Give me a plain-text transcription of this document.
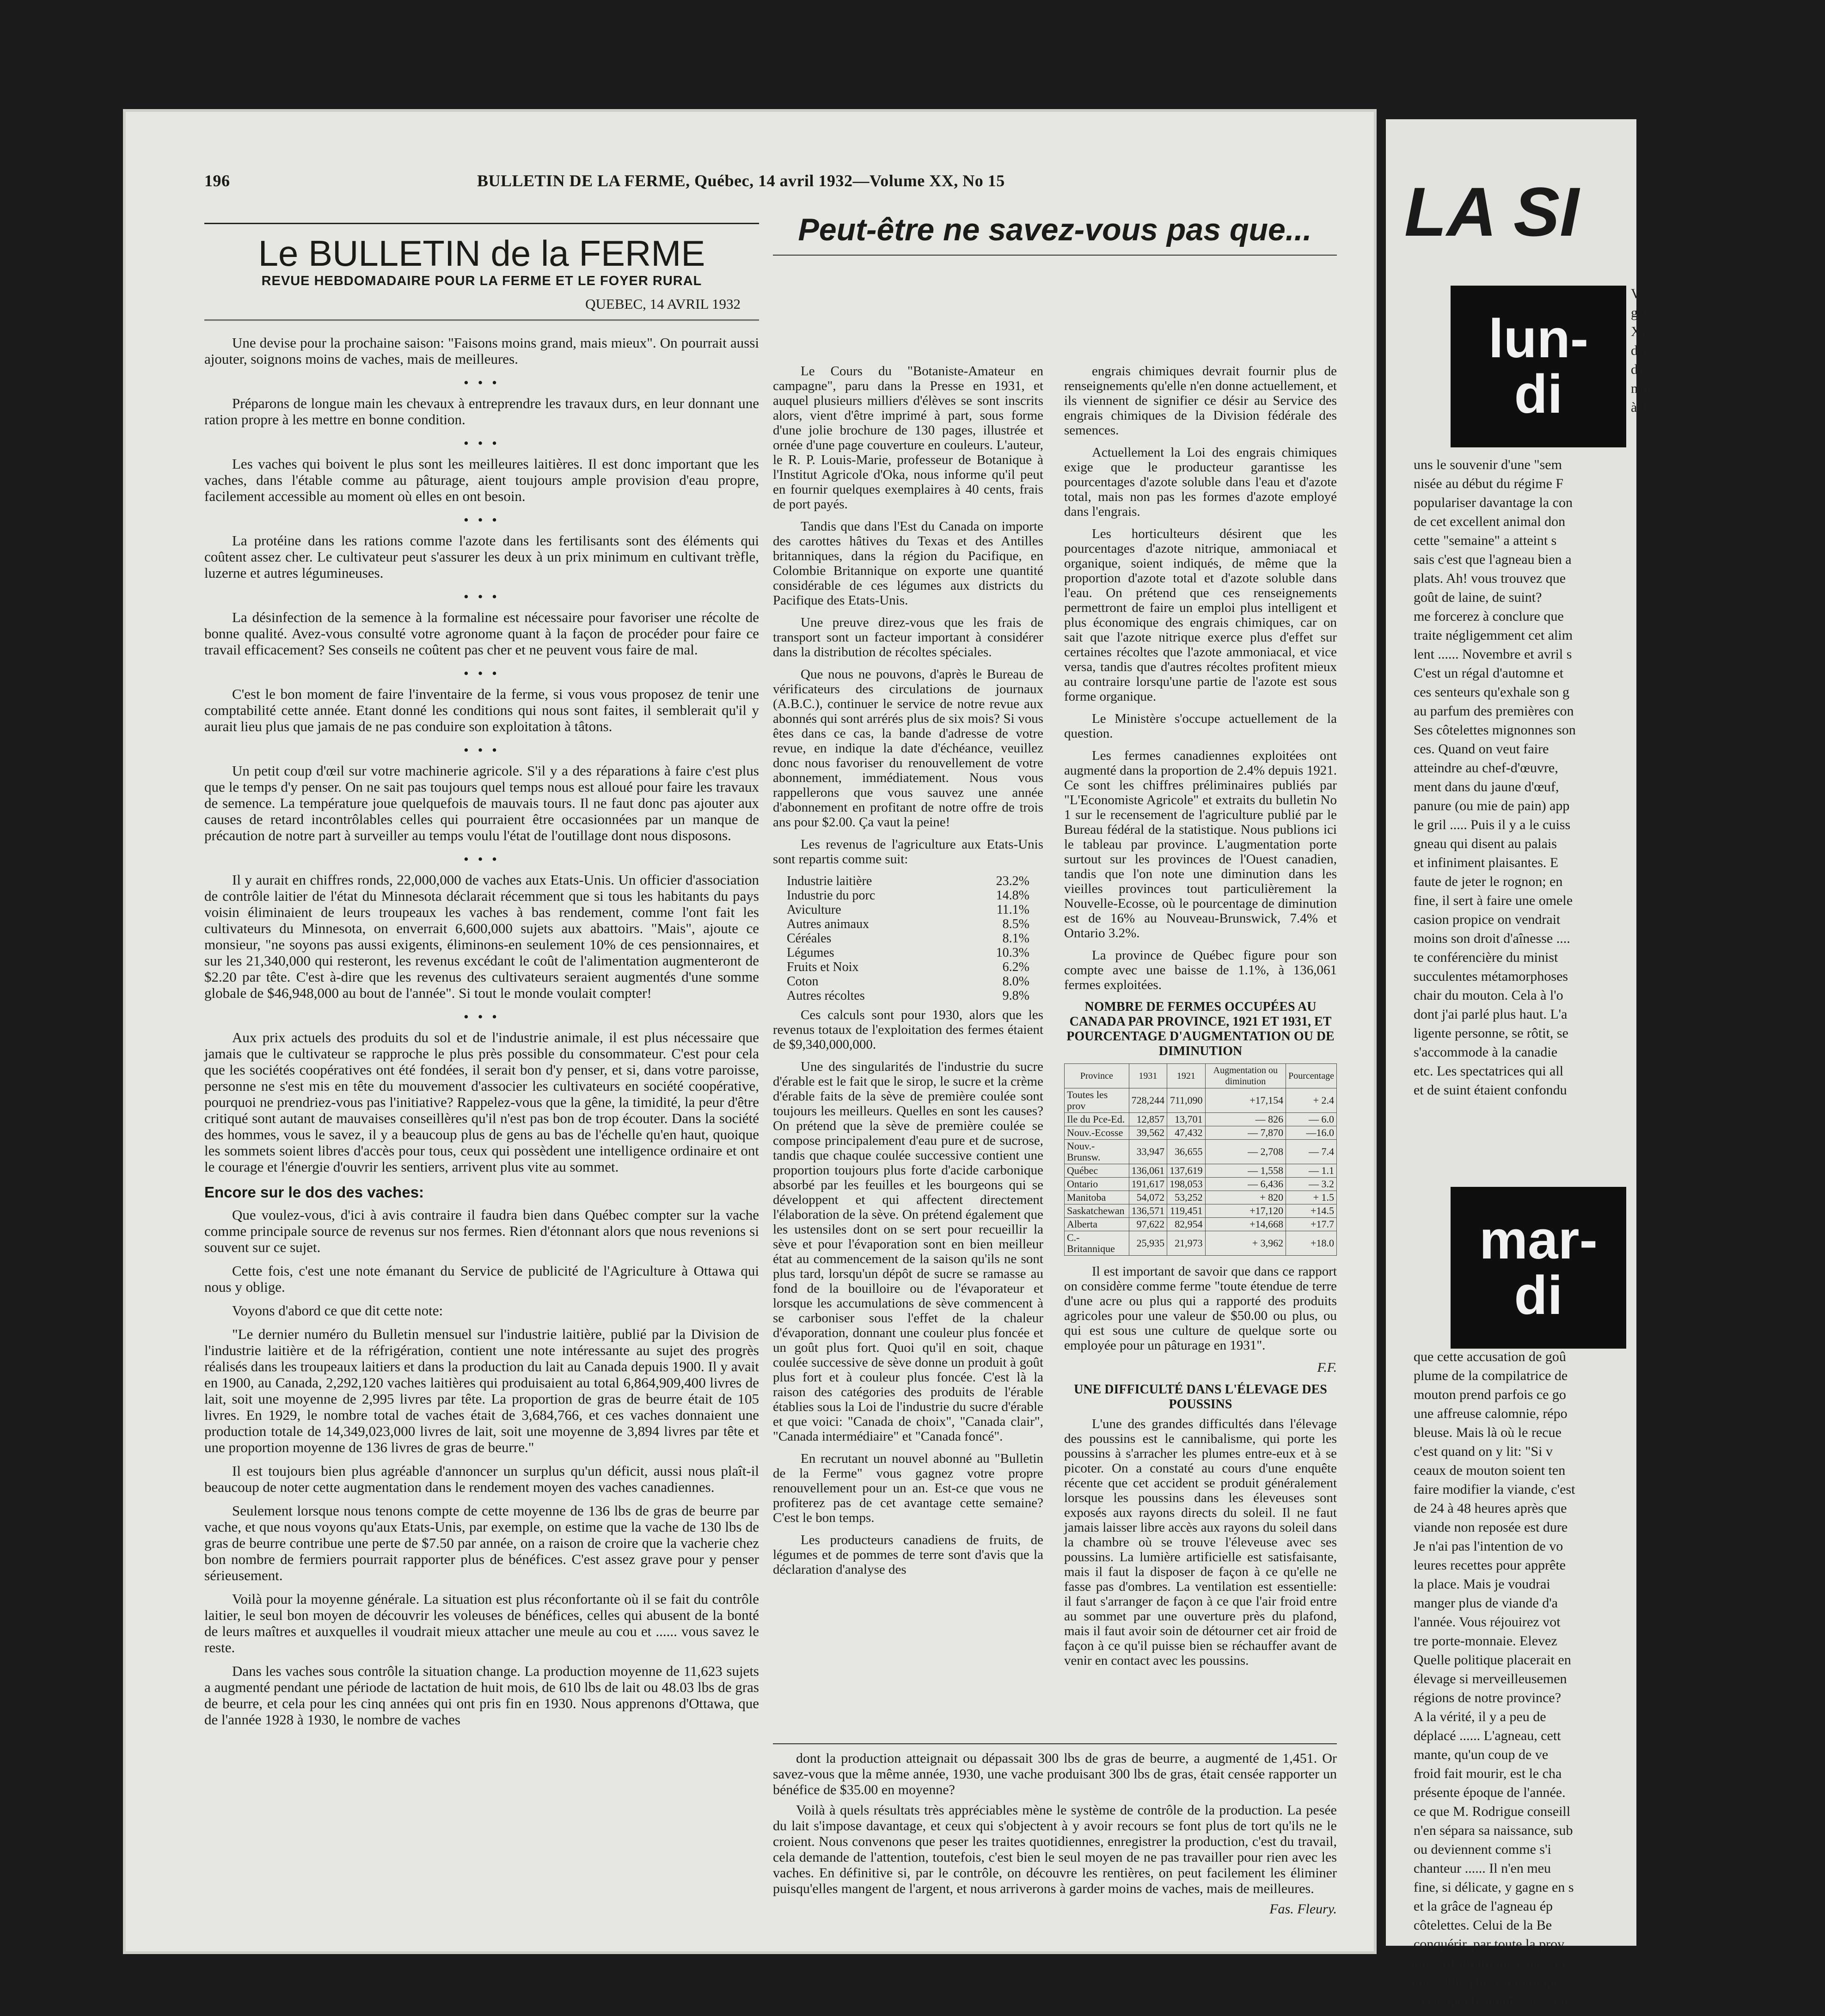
196	BULLETIN DE LA FERME, Québec, 14 avril 1932—Volume XX, No 15
Le BULLETIN de la FERME
REVUE HEBDOMADAIRE POUR LA FERME ET LE FOYER RURAL
QUEBEC, 14 AVRIL 1932

Une devise pour la prochaine saison: "Faisons moins grand, mais mieux". On pourrait aussi ajouter, soignons moins de vaches, mais de meilleures.

• • •

Préparons de longue main les chevaux à entreprendre les travaux durs, en leur donnant une ration propre à les mettre en bonne condition.

• • •

Les vaches qui boivent le plus sont les meilleures laitières. Il est donc important que les vaches, dans l'étable comme au pâturage, aient toujours ample provision d'eau propre, facilement accessible au moment où elles en ont besoin.

• • •

La protéine dans les rations comme l'azote dans les fertilisants sont des éléments qui coûtent assez cher. Le cultivateur peut s'assurer les deux à un prix minimum en cultivant trèfle, luzerne et autres légumineuses.

• • •

La désinfection de la semence à la formaline est nécessaire pour favoriser une récolte de bonne qualité. Avez-vous consulté votre agronome quant à la façon de procéder pour faire ce travail efficacement? Ses conseils ne coûtent pas cher et ne peuvent vous faire de mal.

• • •

C'est le bon moment de faire l'inventaire de la ferme, si vous vous proposez de tenir une comptabilité cette année. Etant donné les conditions qui nous sont faites, il semblerait qu'il y aurait lieu plus que jamais de ne pas conduire son exploitation à tâtons.

• • •

Un petit coup d'œil sur votre machinerie agricole. S'il y a des réparations à faire c'est plus que le temps d'y penser. On ne sait pas toujours quel temps nous est alloué pour faire les travaux de semence. La température joue quelquefois de mauvais tours. Il ne faut donc pas ajouter aux causes de retard incontrôlables celles qui pourraient être occasionnées par un manque de précaution de notre part à surveiller au temps voulu l'état de l'outillage dont nous disposons.

• • •

Il y aurait en chiffres ronds, 22,000,000 de vaches aux Etats-Unis. Un officier d'association de contrôle laitier de l'état du Minnesota déclarait récemment que si tous les habitants du pays voisin éliminaient de leurs troupeaux les vaches à bas rendement, comme l'ont fait les cultivateurs du Minnesota, on enverrait 6,600,000 sujets aux abattoirs. "Mais", ajoute ce monsieur, "ne soyons pas aussi exigents, éliminons-en seulement 10% de ces pensionnaires, et sur les 21,340,000 qui resteront, les revenus excédant le coût de l'alimentation augmenteront de $2.20 par tête. C'est à-dire que les revenus des cultivateurs seraient augmentés d'une somme globale de $46,948,000 au bout de l'année". Si tout le monde voulait compter!

• • •

Aux prix actuels des produits du sol et de l'industrie animale, il est plus nécessaire que jamais que le cultivateur se rapproche le plus près possible du consommateur. C'est pour cela que les sociétés coopératives ont été fondées, il serait bon d'y penser, et si, dans votre paroisse, personne ne s'est mis en tête du mouvement d'associer les cultivateurs en société coopérative, pourquoi ne prendriez-vous pas l'initiative? Rappelez-vous que la gêne, la timidité, la peur d'être critiqué sont autant de mauvaises conseillères qu'il n'est pas bon de trop écouter. Dans la société des hommes, vous le savez, il y a beaucoup plus de gens au bas de l'échelle qu'en haut, quoique les sommets soient libres d'accès pour tous, ceux qui possèdent une intelligence ordinaire et ont le courage et l'énergie d'ouvrir les sentiers, arrivent plus vite au sommet.

Encore sur le dos des vaches:

Que voulez-vous, d'ici à avis contraire il faudra bien dans Québec compter sur la vache comme principale source de revenus sur nos fermes. Rien d'étonnant alors que nous revenions si souvent sur ce sujet.

Cette fois, c'est une note émanant du Service de publicité de l'Agriculture à Ottawa qui nous y oblige.

Voyons d'abord ce que dit cette note:

"Le dernier numéro du Bulletin mensuel sur l'industrie laitière, publié par la Division de l'industrie laitière et de la réfrigération, contient une note intéressante au sujet des progrès réalisés dans les troupeaux laitiers et dans la production du lait au Canada depuis 1900. Il y avait en 1900, au Canada, 2,292,120 vaches laitières qui produisaient au total 6,864,909,400 livres de lait, soit une moyenne de 2,995 livres par tête. La proportion de gras de beurre était de 105 livres. En 1929, le nombre total de vaches était de 3,684,766, et ces vaches donnaient une production totale de 14,349,023,000 livres de lait, soit une moyenne de 3,894 livres par tête et une proportion moyenne de 136 livres de gras de beurre."

Il est toujours bien plus agréable d'annoncer un surplus qu'un déficit, aussi nous plaît-il beaucoup de noter cette augmentation dans le rendement moyen des vaches canadiennes.

Seulement lorsque nous tenons compte de cette moyenne de 136 lbs de gras de beurre par vache, et que nous voyons qu'aux Etats-Unis, par exemple, on estime que la vache de 130 lbs de gras de beurre contribue une perte de $7.50 par année, on a raison de croire que la vacherie chez bon nombre de fermiers pourrait rapporter plus de bénéfices. C'est assez grave pour y penser sérieusement.

Voilà pour la moyenne générale. La situation est plus réconfortante où il se fait du contrôle laitier, le seul bon moyen de découvrir les voleuses de bénéfices, celles qui abusent de la bonté de leurs maîtres et auxquelles il voudrait mieux attacher une meule au cou et ...... vous savez le reste.

Dans les vaches sous contrôle la situation change. La production moyenne de 11,623 sujets a augmenté pendant une période de lactation de huit mois, de 610 lbs de lait ou 48.03 lbs de gras de beurre, et cela pour les cinq années qui ont pris fin en 1930. Nous apprenons d'Ottawa, que de l'année 1928 à 1930, le nombre de vaches

Peut-être ne savez-vous pas que...

Le Cours du "Botaniste-Amateur en campagne", paru dans la Presse en 1931, et auquel plusieurs milliers d'élèves se sont inscrits alors, vient d'être imprimé à part, sous forme d'une jolie brochure de 130 pages, illustrée et ornée d'une page couverture en couleurs. L'auteur, le R. P. Louis-Marie, professeur de Botanique à l'Institut Agricole d'Oka, nous informe qu'il peut en fournir quelques exemplaires à 40 cents, frais de port payés.

Tandis que dans l'Est du Canada on importe des carottes hâtives du Texas et des Antilles britanniques, dans la région du Pacifique, en Colombie Britannique on exporte une quantité considérable de ces légumes aux districts du Pacifique des Etats-Unis.

Une preuve direz-vous que les frais de transport sont un facteur important à considérer dans la distribution de récoltes spéciales.

Que nous ne pouvons, d'après le Bureau de vérificateurs des circulations de journaux (A.B.C.), continuer le service de notre revue aux abonnés qui sont arrérés plus de six mois? Si vous êtes dans ce cas, la bande d'adresse de votre revue, en indique la date d'échéance, veuillez donc nous favoriser du renouvellement de votre abonnement, immédiatement. Nous vous rappellerons que vous sauvez une année d'abonnement en profitant de notre offre de trois ans pour $2.00. Ça vaut la peine!

Les revenus de l'agriculture aux Etats-Unis sont repartis comme suit:

Industrie laitière	23.2%
Industrie du porc	14.8%
Aviculture	11.1%
Autres animaux	8.5%
Céréales	8.1%
Légumes	10.3%
Fruits et Noix	6.2%
Coton	8.0%
Autres récoltes	9.8%

Ces calculs sont pour 1930, alors que les revenus totaux de l'exploitation des fermes étaient de $9,340,000,000.

Une des singularités de l'industrie du sucre d'érable est le fait que le sirop, le sucre et la crème d'érable faits de la sève de première coulée sont toujours les meilleurs. Quelles en sont les causes? On prétend que la sève de première coulée se compose principalement d'eau pure et de sucrose, tandis que chaque coulée successive contient une proportion toujours plus forte d'acide carbonique absorbé par les feuilles et les bourgeons qui se développent et qui affectent directement l'élaboration de la sève. On prétend également que les ustensiles dont on se sert pour recueillir la sève et pour l'évaporation sont en bien meilleur état au commencement de la saison qu'ils ne sont plus tard, lorsqu'un dépôt de sucre se ramasse au fond de la bouilloire ou de l'évaporateur et lorsque les accumulations de sève commencent à se carboniser sous l'effet de la chaleur d'évaporation, donnant une couleur plus foncée et un goût plus fort. Quoi qu'il en soit, chaque coulée successive de sève donne un produit à goût plus fort et à couleur plus foncée. C'est là la raison des catégories des produits de l'érable établies sous la Loi de l'industrie du sucre d'érable et que voici: "Canada de choix", "Canada clair", "Canada intermédiaire" et "Canada foncé".

En recrutant un nouvel abonné au "Bulletin de la Ferme" vous gagnez votre propre renouvellement pour un an. Est-ce que vous ne profiterez pas de cet avantage cette semaine? C'est le bon temps.

Les producteurs canadiens de fruits, de légumes et de pommes de terre sont d'avis que la déclaration d'analyse des

engrais chimiques devrait fournir plus de renseignements qu'elle n'en donne actuellement, et ils viennent de signifier ce désir au Service des engrais chimiques de la Division fédérale des semences.

Actuellement la Loi des engrais chimiques exige que le producteur garantisse les pourcentages d'azote soluble dans l'eau et d'azote total, mais non pas les formes d'azote employé dans l'engrais.

Les horticulteurs désirent que les pourcentages d'azote nitrique, ammoniacal et organique, soient indiqués, de même que la proportion d'azote total et d'azote soluble dans l'eau. On prétend que ces renseignements permettront de faire un emploi plus intelligent et plus économique des engrais chimiques, car on sait que l'azote nitrique exerce plus d'effet sur certaines récoltes que l'azote ammoniacal, et vice versa, tandis que d'autres récoltes profitent mieux au contraire lorsqu'une partie de l'azote est sous forme organique.

Le Ministère s'occupe actuellement de la question.

Les fermes canadiennes exploitées ont augmenté dans la proportion de 2.4% depuis 1921. Ce sont les chiffres préliminaires publiés par "L'Economiste Agricole" et extraits du bulletin No 1 sur le recensement de l'agriculture publié par le Bureau fédéral de la statistique. Nous publions ici le tableau par province. L'augmentation porte surtout sur les provinces de l'Ouest canadien, tandis que l'on note une diminution dans les vieilles provinces tout particulièrement la Nouvelle-Ecosse, où le pourcentage de diminution est de 16% au Nouveau-Brunswick, 7.4% et Ontario 3.2%.

La province de Québec figure pour son compte avec une baisse de 1.1%, à 136,061 fermes exploitées.

NOMBRE DE FERMES OCCUPÉES AU CANADA PAR PROVINCE, 1921 ET 1931, ET POURCENTAGE D'AUGMENTATION OU DE DIMINUTION
Province	1931	1921	Augmentation ou diminution	Pourcentage
Toutes les prov	728,244	711,090	+17,154	+ 2.4
Ile du Pce-Ed.	12,857	13,701	— 826	— 6.0
Nouv.-Ecosse	39,562	47,432	— 7,870	—16.0
Nouv.-Brunsw.	33,947	36,655	— 2,708	— 7.4
Québec	136,061	137,619	— 1,558	— 1.1
Ontario	191,617	198,053	— 6,436	— 3.2
Manitoba	54,072	53,252	+ 820	+ 1.5
Saskatchewan	136,571	119,451	+17,120	+14.5
Alberta	97,622	82,954	+14,668	+17.7
C.-Britannique	25,935	21,973	+ 3,962	+18.0

Il est important de savoir que dans ce rapport on considère comme ferme "toute étendue de terre d'une acre ou plus qui a rapporté des produits agricoles pour une valeur de $50.00 ou plus, ou qui est sous une culture de quelque sorte ou employée pour un pâturage en 1931".

F.F.

UNE DIFFICULTÉ DANS L'ÉLEVAGE DES POUSSINS

L'une des grandes difficultés dans l'élevage des poussins est le cannibalisme, qui porte les poussins à s'arracher les plumes entre-eux et à se picoter. On a constaté au cours d'une enquête récente que cet accident se produit généralement lorsque les poussins dans les éleveuses sont exposés aux rayons directs du soleil. Il ne faut jamais laisser libre accès aux rayons du soleil dans la chambre où se trouve l'éleveuse avec ses poussins. La lumière artificielle est satisfaisante, mais il faut la disposer de façon à ce qu'elle ne fasse pas d'ombres. La ventilation est essentielle: il faut s'arranger de façon à ce que l'air froid entre au sommet par une ouverture près du plafond, mais il faut avoir soin de détourner cet air froid de façon à ce qu'il puisse bien se réchauffer avant de venir en contact avec les poussins.

dont la production atteignait ou dépassait 300 lbs de gras de beurre, a augmenté de 1,451. Or savez-vous que la même année, 1930, une vache produisant 300 lbs de gras, était censée rapporter un bénéfice de $35.00 en moyenne?

Voilà à quels résultats très appréciables mène le système de contrôle de la production. La pesée du lait s'impose davantage, et ceux qui s'objectent à y avoir recours se font plus de tort qu'ils ne le croient. Nous convenons que peser les traites quotidiennes, enregistrer la production, c'est du travail, cela demande de l'attention, toutefois, c'est bien le seul moyen de ne pas travailler pour rien avec les vaches. En définitive si, par le contrôle, on découvre les rentières, on peut facilement les éliminer puisqu'elles mangent de l'argent, et nous arriverons à garder moins de vaches, mais de meilleures.

Fas. Fleury.

LA SI
lun-
di

Ve

ga

Xa

da

de

mo

à l

uns le souvenir d'une "sem

nisée au début du régime F

populariser davantage la con

de cet excellent animal don

cette "semaine" a atteint s

sais c'est que l'agneau bien a

plats. Ah! vous trouvez que

goût de laine, de suint?

me forcerez à conclure que

traite négligemment cet alim

lent ...... Novembre et avril s

C'est un régal d'automne et

ces senteurs qu'exhale son g

au parfum des premières con

Ses côtelettes mignonnes son

ces. Quand on veut faire

atteindre au chef-d'œuvre,

ment dans du jaune d'œuf,

panure (ou mie de pain) app

le gril ..... Puis il y a le cuiss

gneau qui disent au palais

et infiniment plaisantes. E

faute de jeter le rognon; en

fine, il sert à faire une omele

casion propice on vendrait

moins son droit d'aînesse ....

te conférencière du minist

succulentes métamorphoses

chair du mouton. Cela à l'o

dont j'ai parlé plus haut. L'a

ligente personne, se rôtit, se

s'accommode à la canadie

etc. Les spectatrices qui all

et de suint étaient confondu

mar-
di

que cette accusation de goû

plume de la compilatrice de

mouton prend parfois ce go

une affreuse calomnie, répo

bleuse. Mais là où le recue

c'est quand on y lit: "Si v

ceaux de mouton soient ten

faire modifier la viande, c'est

de 24 à 48 heures après que

viande non reposée est dure

Je n'ai pas l'intention de vo

leures recettes pour apprête

la place. Mais je voudrai

manger plus de viande d'a

l'année. Vous réjouirez vot

tre porte-monnaie. Elevez

Quelle politique placerait en

élevage si merveilleusemen

régions de notre province?

A la vérité, il y a peu de

déplacé ...... L'agneau, cett

mante, qu'un coup de ve

froid fait mourir, est le cha

présente époque de l'année.

ce que M. Rodrigue conseill

n'en sépara sa naissance, sub

ou deviennent comme s'i

chanteur ...... Il n'en meu

fine, si délicate, y gagne en s

et la grâce de l'agneau ép

côtelettes. Celui de la Be

conquérir, par toute la prov

que. M. Rodrigue a bien ra

ton est le plus économique

Avec quoi le nourrissez-vou
